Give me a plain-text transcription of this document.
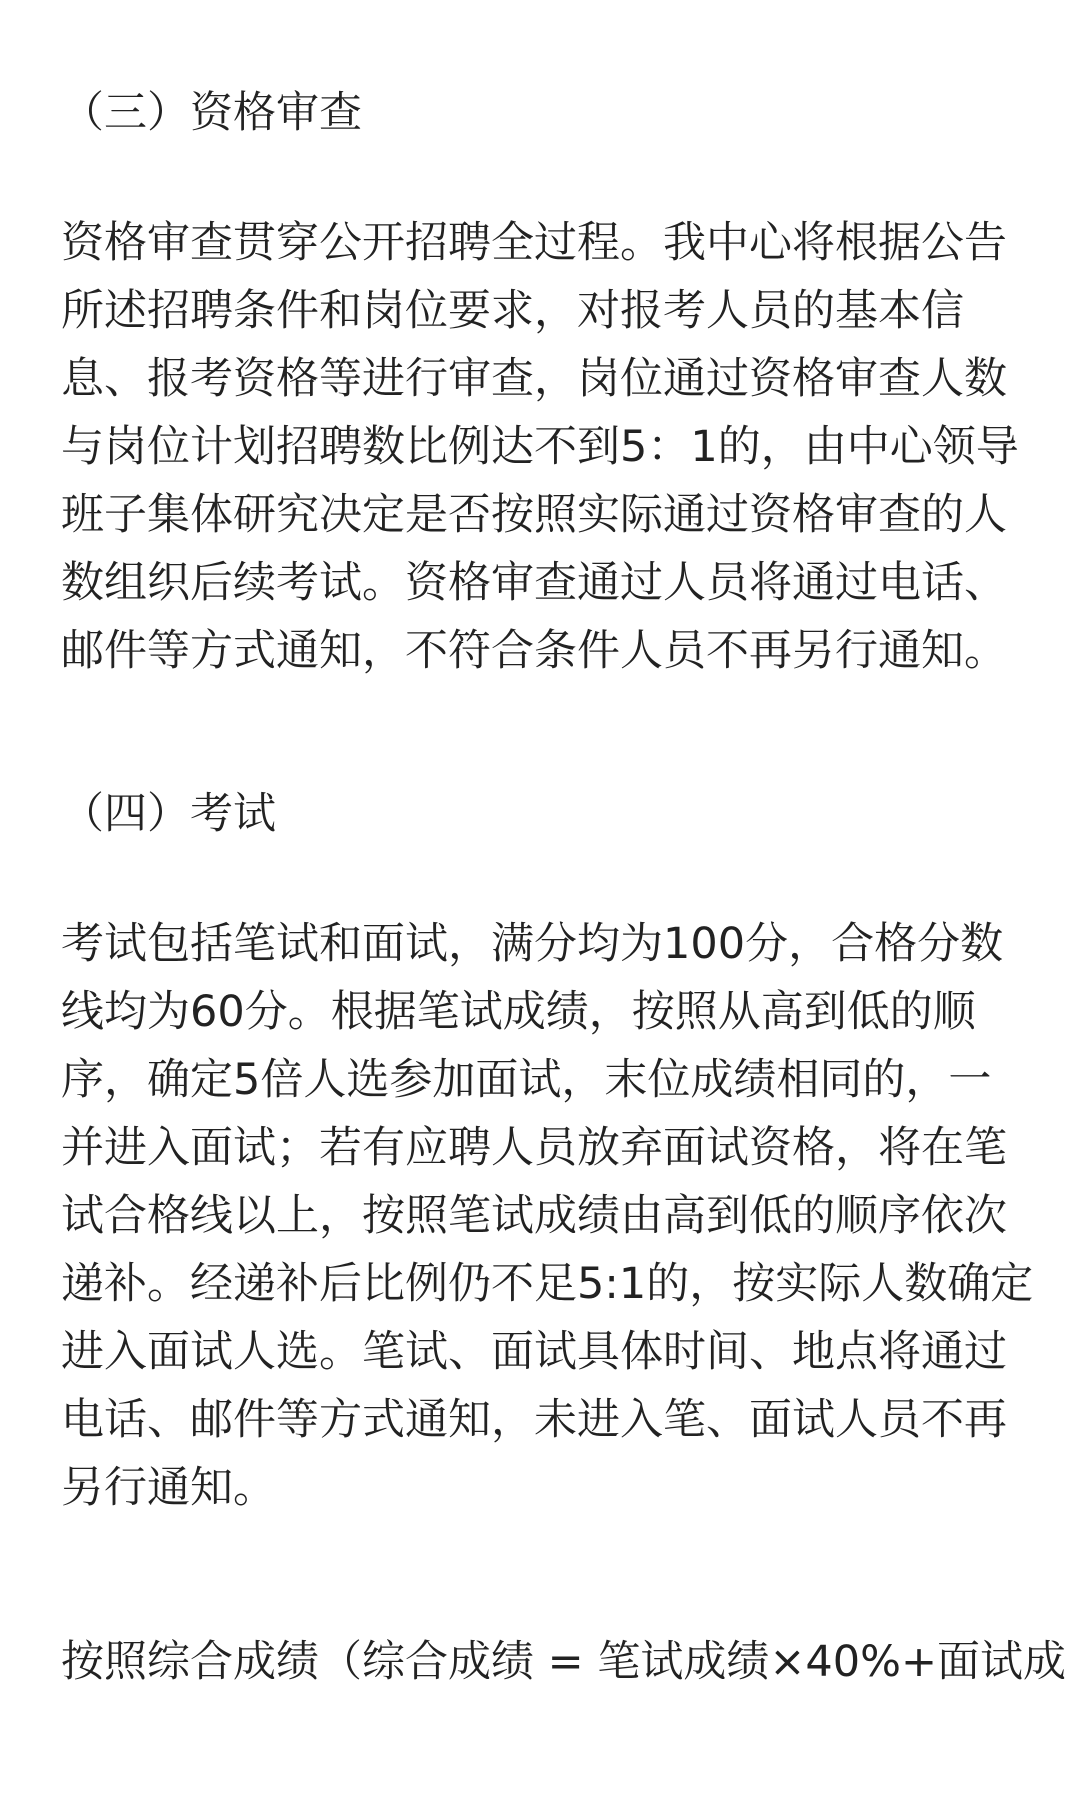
（三）资格审查
资格审查贯穿公开招聘全过程。我中心将根据公告
所述招聘条件和岗位要求，对报考人员的基本信
息、报考资格等进行审查，岗位通过资格审查人数
与岗位计划招聘数比例达不到5：1的，由中心领导
班子集体研究决定是否按照实际通过资格审查的人
数组织后续考试。资格审查通过人员将通过电话、
邮件等方式通知，不符合条件人员不再另行通知。
（四）考试
考试包括笔试和面试，满分均为100分，合格分数
线均为60分。根据笔试成绩，按照从高到低的顺
序，确定5倍人选参加面试，末位成绩相同的，一
并进入面试；若有应聘人员放弃面试资格，将在笔
试合格线以上，按照笔试成绩由高到低的顺序依次
递补。经递补后比例仍不足5:1的，按实际人数确定
进入面试人选。笔试、面试具体时间、地点将通过
电话、邮件等方式通知，未进入笔、面试人员不再
另行通知。
按照综合成绩（综合成绩 = 笔试成绩×40%+面试成
